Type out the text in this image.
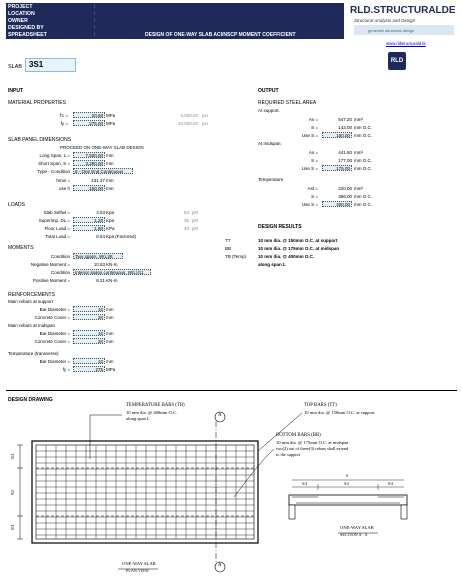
PROJECT	:
LOCATION	:
OWNER	:
DESIGNED BY	:
SPREADSHEET	:	DESIGN OF ONE-WAY SLAB ACI/NSCP MOMENT COEFFICIENT
RLD.STRUCTURALDE
Structural Analysis and Design
generate structural design
www.rldstructurald.tk
RLD
SLAB 3S1
INPUT
MATERIAL PROPERTIES
f'c =	20.68 MPa	3,000.00 psi
fy =	275.00 MPa	40,000.00 psi
SLAB PANEL DIMENSIONS
PROCEED ON ONE-WAY SLAB DESIGN
Long Span, L =	7,500.00 mm
Short Span, S =	3,290.00 mm
Type - Condition	8 - One End Continuous
hmin =	131.37 mm
use h	150.00 mm
LOADS
Slab Selfwt =	3.53 Kpa	54 psf
Superimp. DL =	1.20 Kpa	25 psf
Floor Load =	1.90 KPa	40 psf
Total Load =	8.54 Kpa (Factored)
MOMENTS
Condition	Two spans, W(L)/8
Negative Moment =	10.53 KN-m
Condition	Interior spans continuous, W(L)/11
Positive Moment =	8.21 KN-m
REINFORCEMENTS
Main rebars at support
Bar Diameter =	10 mm
Concrete Cover =	20 mm
Main rebars at midspan
Bar Diameter =	10 mm
Concrete Cover =	20 mm
Temperature (transverse)
Bar Diameter =	10 mm
fy =	275 MPa
OUTPUT
REQUIRED STEEL AREA
At support.
As =	547.20 mm²
S =	143.00 mm O.C.
Use S =	150.00 mm O.C.
At midspan.
As =	441.60 mm²
S =	177.00 mm O.C.
Use S =	175.00 mm O.C.
Temperature
Ast =	220.00 mm²
S =	356.00 mm O.C.
Use S =	400.00 mm O.C.
DESIGN RESULTS
TT	10 mm dia. @ 150mm O.C. at support
BB	10 mm dia. @ 175mm O.C. at midspan
TB (Temp)	10 mm dia. @ 400mm O.C.
along span L
DESIGN DRAWING
TEMPERATURE BARS (TB)
10 mm dia. @ 400mm O.C.
along span L
TOP BARS (TT)
10 mm dia. @ 150mm O.C. at support
BOTTOM BARS (BB)
10 mm dia. @ 175mm O.C. at midspan
two(2) out of three(3) rebars shall extend
to the support
A
A
S/4
S/2
S/4
S
S/4	S/2	S/4
ONE-WAY SLAB
PLAN VIEW
ONE-WAY SLAB
SECTION A - A
